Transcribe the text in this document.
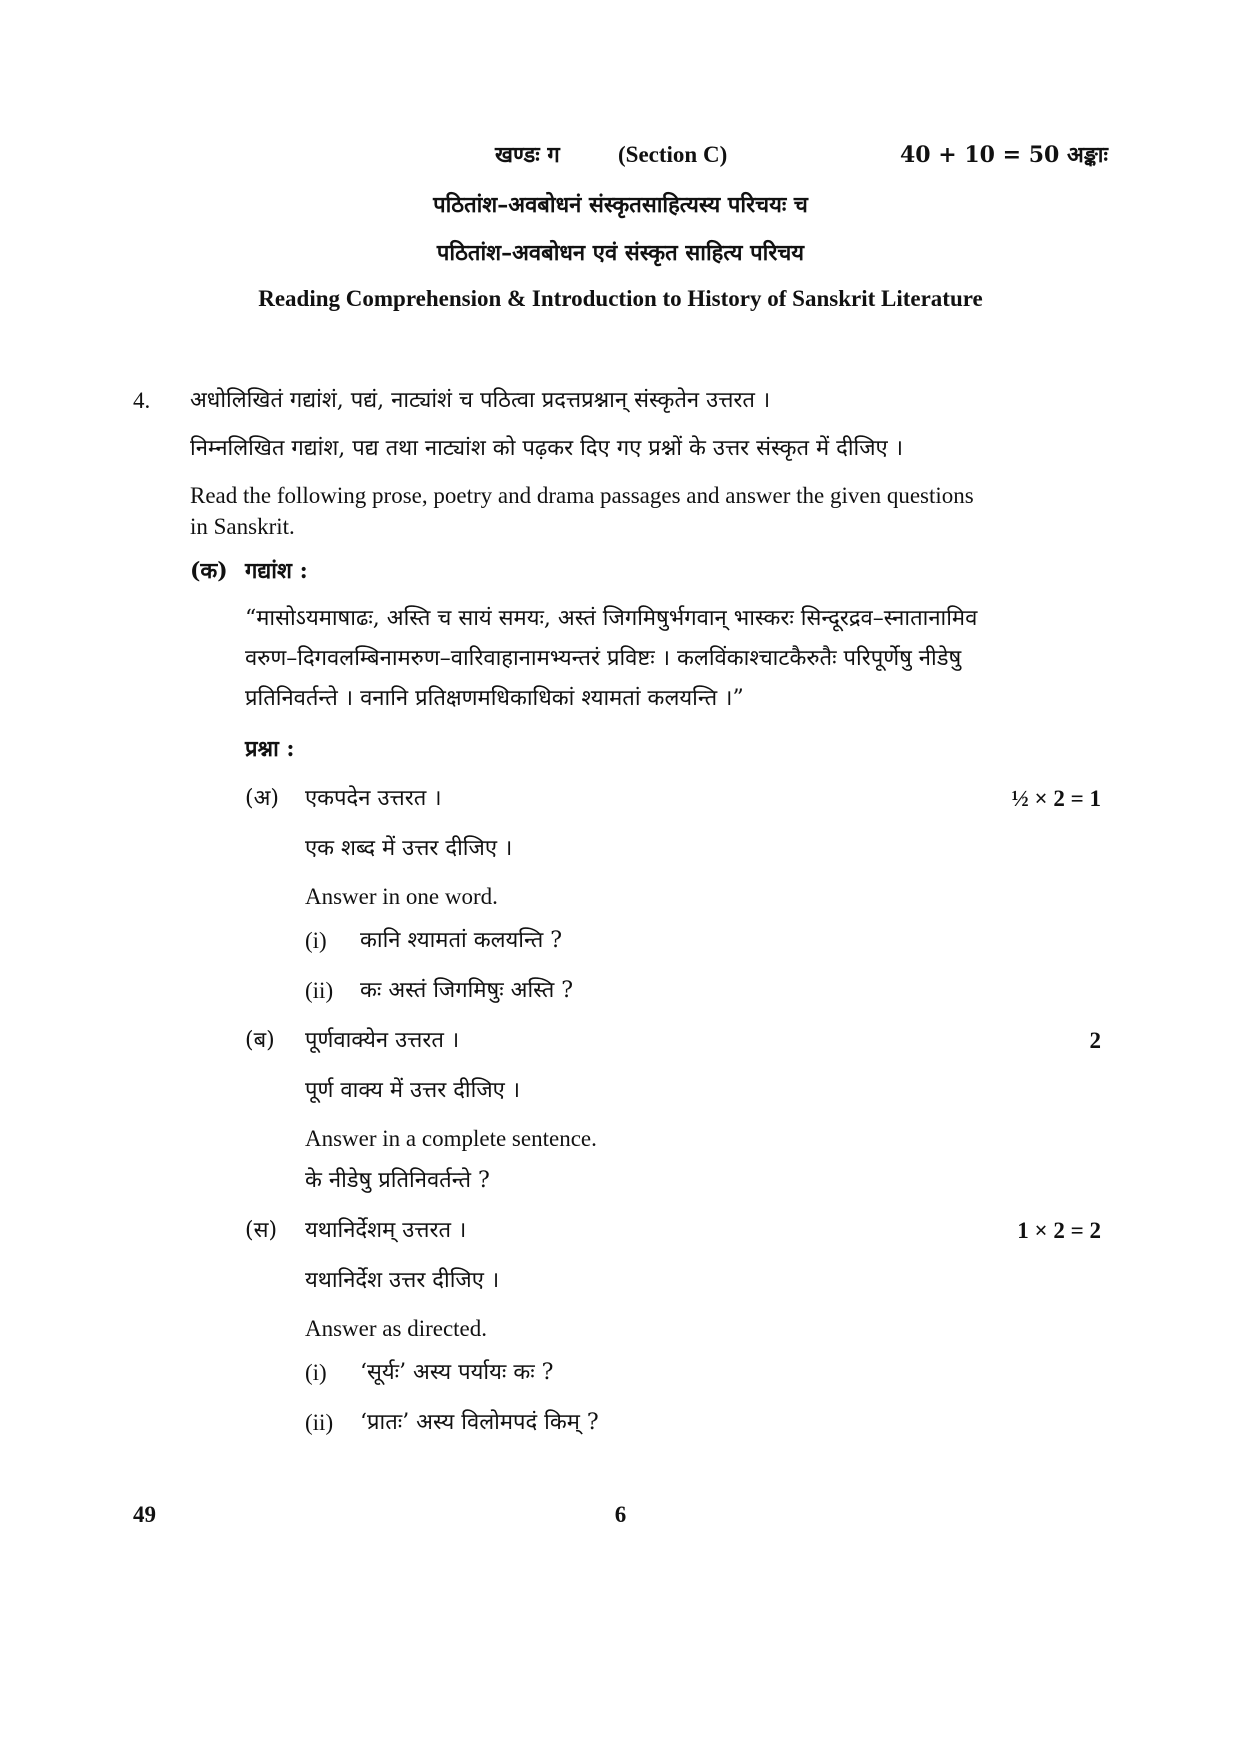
खण्डः ग	(Section C)	40 + 10 = 50 अङ्काः
पठितांश–अवबोधनं संस्कृतसाहित्यस्य परिचयः च
पठितांश–अवबोधन एवं संस्कृत साहित्य परिचय
Reading Comprehension & Introduction to History of Sanskrit Literature
4. अधोलिखितं गद्यांशं, पद्यं, नाट्यांशं च पठित्वा प्रदत्तप्रश्नान् संस्कृतेन उत्तरत ।
निम्नलिखित गद्यांश, पद्य तथा नाट्यांश को पढ़कर दिए गए प्रश्नों के उत्तर संस्कृत में दीजिए ।
Read the following prose, poetry and drama passages and answer the given questions
in Sanskrit.
(क) गद्यांश :
“मासोऽयमाषाढः, अस्ति च सायं समयः, अस्तं जिगमिषुर्भगवान् भास्करः सिन्दूरद्रव–स्नातानामिव
वरुण–दिगवलम्बिनामरुण–वारिवाहानामभ्यन्तरं प्रविष्टः । कलविंकाश्चाटकैरुतैः परिपूर्णेषु नीडेषु
प्रतिनिवर्तन्ते । वनानि प्रतिक्षणमधिकाधिकां श्यामतां कलयन्ति ।”
प्रश्ना :
(अ) एकपदेन उत्तरत ।	½ × 2 = 1
एक शब्द में उत्तर दीजिए ।
Answer in one word.
(i) कानि श्यामतां कलयन्ति ?
(ii) कः अस्तं जिगमिषुः अस्ति ?
(ब) पूर्णवाक्येन उत्तरत ।	2
पूर्ण वाक्य में उत्तर दीजिए ।
Answer in a complete sentence.
के नीडेषु प्रतिनिवर्तन्ते ?
(स) यथानिर्देशम् उत्तरत ।	1 × 2 = 2
यथानिर्देश उत्तर दीजिए ।
Answer as directed.
(i) ‘सूर्यः’ अस्य पर्यायः कः ?
(ii) ‘प्रातः’ अस्य विलोमपदं किम् ?
49	6
